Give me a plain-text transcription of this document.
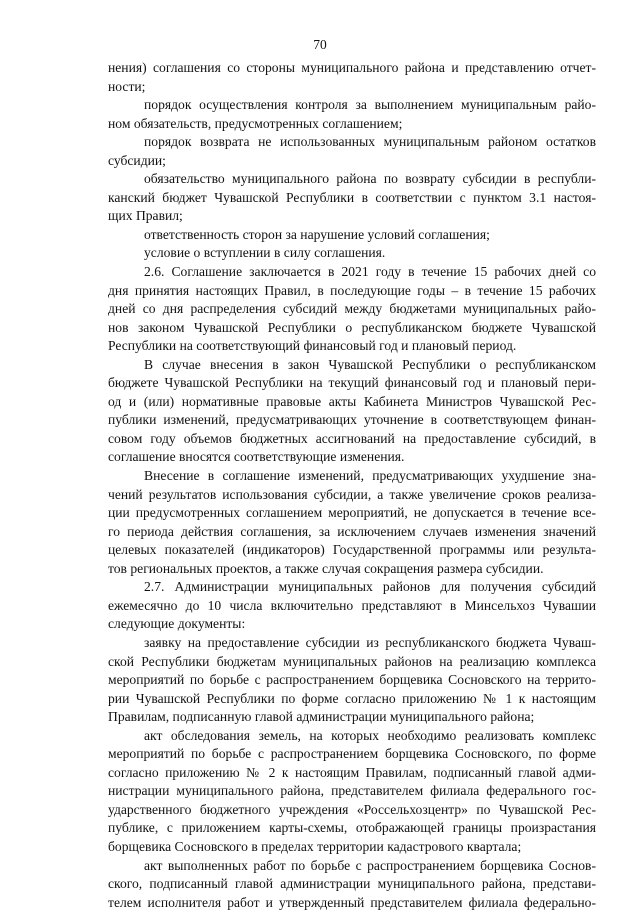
70
нения) соглашения со стороны муниципального района и представлению отчет-
ности;
порядок осуществления контроля за выполнением муниципальным райо-
ном обязательств, предусмотренных соглашением;
порядок возврата не использованных муниципальным районом остатков
субсидии;
обязательство муниципального района по возврату субсидии в республи-
канский бюджет Чувашской Республики в соответствии с пунктом 3.1 настоя-
щих Правил;
ответственность сторон за нарушение условий соглашения;
условие о вступлении в силу соглашения.
2.6. Соглашение заключается в 2021 году в течение 15 рабочих дней со
дня принятия настоящих Правил, в последующие годы – в течение 15 рабочих
дней со дня распределения субсидий между бюджетами муниципальных райо-
нов законом Чувашской Республики о республиканском бюджете Чувашской
Республики на соответствующий финансовый год и плановый период.
В случае внесения в закон Чувашской Республики о республиканском
бюджете Чувашской Республики на текущий финансовый год и плановый пери-
од и (или) нормативные правовые акты Кабинета Министров Чувашской Рес-
публики изменений, предусматривающих уточнение в соответствующем финан-
совом году объемов бюджетных ассигнований на предоставление субсидий, в
соглашение вносятся соответствующие изменения.
Внесение в соглашение изменений, предусматривающих ухудшение зна-
чений результатов использования субсидии, а также увеличение сроков реализа-
ции предусмотренных соглашением мероприятий, не допускается в течение все-
го периода действия соглашения, за исключением случаев изменения значений
целевых показателей (индикаторов) Государственной программы или результа-
тов региональных проектов, а также случая сокращения размера субсидии.
2.7. Администрации муниципальных районов для получения субсидий
ежемесячно до 10 числа включительно представляют в Минсельхоз Чувашии
следующие документы:
заявку на предоставление субсидии из республиканского бюджета Чуваш-
ской Республики бюджетам муниципальных районов на реализацию комплекса
мероприятий по борьбе с распространением борщевика Сосновского на террито-
рии Чувашской Республики по форме согласно приложению № 1 к настоящим
Правилам, подписанную главой администрации муниципального района;
акт обследования земель, на которых необходимо реализовать комплекс
мероприятий по борьбе с распространением борщевика Сосновского, по форме
согласно приложению № 2 к настоящим Правилам, подписанный главой адми-
нистрации муниципального района, представителем филиала федерального гос-
ударственного бюджетного учреждения «Россельхозцентр» по Чувашской Рес-
публике, с приложением карты-схемы, отображающей границы произрастания
борщевика Сосновского в пределах территории кадастрового квартала;
акт выполненных работ по борьбе с распространением борщевика Соснов-
ского, подписанный главой администрации муниципального района, представи-
телем исполнителя работ и утвержденный представителем филиала федерально-
